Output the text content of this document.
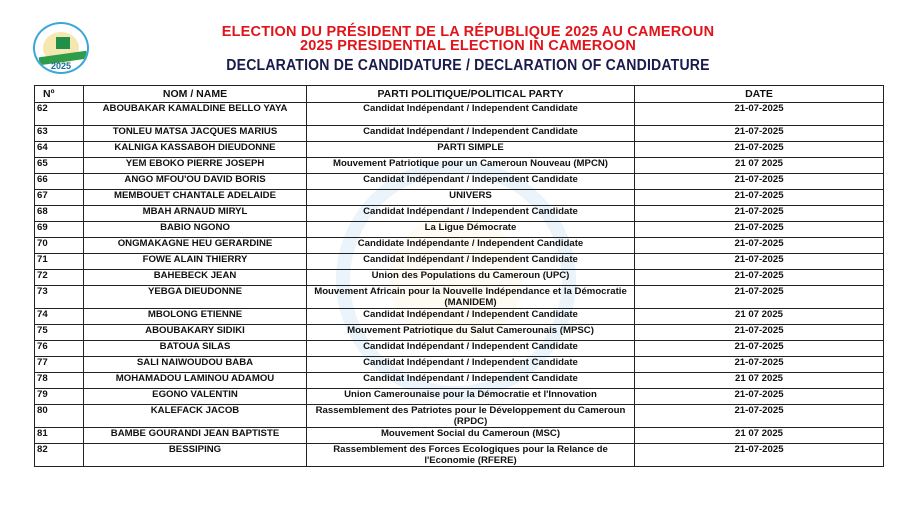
2025
ELECTION DU PRÉSIDENT DE LA RÉPUBLIQUE 2025 AU CAMEROUN
2025 PRESIDENTIAL ELECTION IN CAMEROON
DECLARATION DE CANDIDATURE / DECLARATION OF CANDIDATURE
Nº	NOM / NAME	PARTI POLITIQUE/POLITICAL PARTY	DATE
62	ABOUBAKAR KAMALDINE BELLO YAYA	Candidat Indépendant / Independent Candidate	21-07-2025
63	TONLEU MATSA JACQUES MARIUS	Candidat Indépendant / Independent Candidate	21-07-2025
64	KALNIGA KASSABOH DIEUDONNE	PARTI SIMPLE	21-07-2025
65	YEM EBOKO PIERRE JOSEPH	Mouvement Patriotique pour un Cameroun Nouveau (MPCN)	21 07 2025
66	ANGO MFOU'OU DAVID BORIS	Candidat Indépendant / Independent Candidate	21-07-2025
67	MEMBOUET CHANTALE ADELAIDE	UNIVERS	21-07-2025
68	MBAH ARNAUD MIRYL	Candidat Indépendant / Independent Candidate	21-07-2025
69	BABIO NGONO	La Ligue Démocrate	21-07-2025
70	ONGMAKAGNE HEU GERARDINE	Candidate Indépendante / Independent Candidate	21-07-2025
71	FOWE ALAIN THIERRY	Candidat Indépendant / Independent Candidate	21-07-2025
72	BAHEBECK JEAN	Union des Populations du Cameroun (UPC)	21-07-2025
73	YEBGA DIEUDONNE	Mouvement Africain pour la Nouvelle Indépendance et la Démocratie (MANIDEM)	21-07-2025
74	MBOLONG ETIENNE	Candidat Indépendant / Independent Candidate	21 07 2025
75	ABOUBAKARY SIDIKI	Mouvement Patriotique du Salut Camerounais (MPSC)	21-07-2025
76	BATOUA SILAS	Candidat Indépendant / Independent Candidate	21-07-2025
77	SALI NAIWOUDOU BABA	Candidat Indépendant / Independent Candidate	21-07-2025
78	MOHAMADOU LAMINOU ADAMOU	Candidat Indépendant / Independent Candidate	21 07 2025
79	EGONO VALENTIN	Union Camerounaise pour la Démocratie et l'Innovation	21-07-2025
80	KALEFACK JACOB	Rassemblement des Patriotes pour le Développement du Cameroun (RPDC)	21-07-2025
81	BAMBE GOURANDI JEAN BAPTISTE	Mouvement Social du Cameroun (MSC)	21 07 2025
82	BESSIPING	Rassemblement des Forces Ecologiques pour la Relance de l'Economie (RFERE)	21-07-2025
